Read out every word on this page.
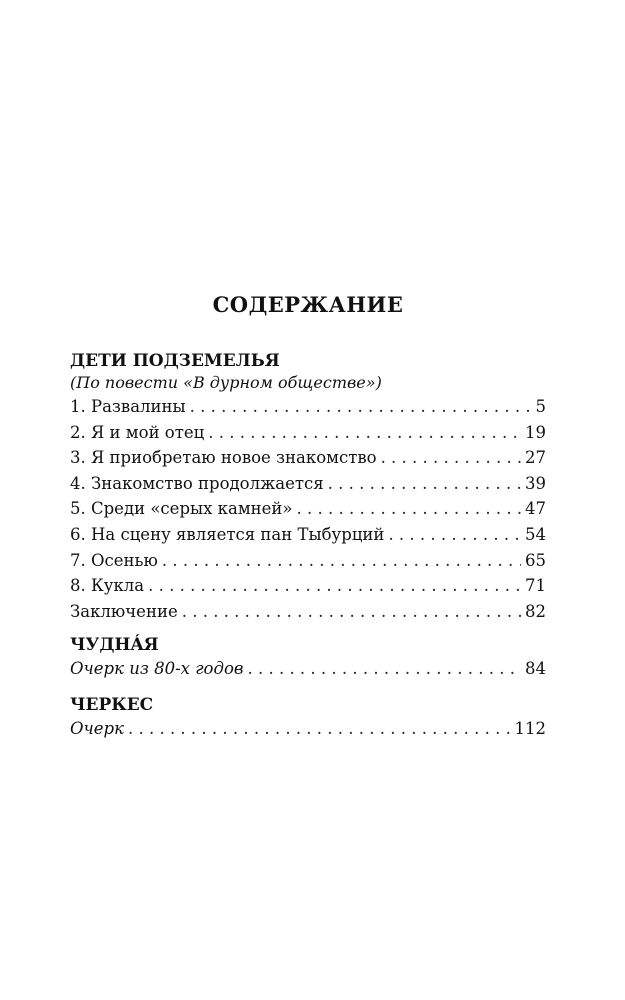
СОДЕРЖАНИЕ
ДЕТИ ПОДЗЕМЕЛЬЯ
(По повести «В дурном обществе»)
1. Развалины . . .	5
2. Я и мой отец . . .	19
3. Я приобретаю новое знакомство . . .	27
4. Знакомство продолжается . . .	39
5. Среди «серых камней» . . .	47
6. На сцену является пан Тыбурций . . .	54
7. Осенью . . .	65
8. Кукла . . .	71
Заключение . . .	82
ЧУДНÁЯ
Очерк из 80-х годов . . .	84
ЧЕРКЕС
Очерк . . .	112
